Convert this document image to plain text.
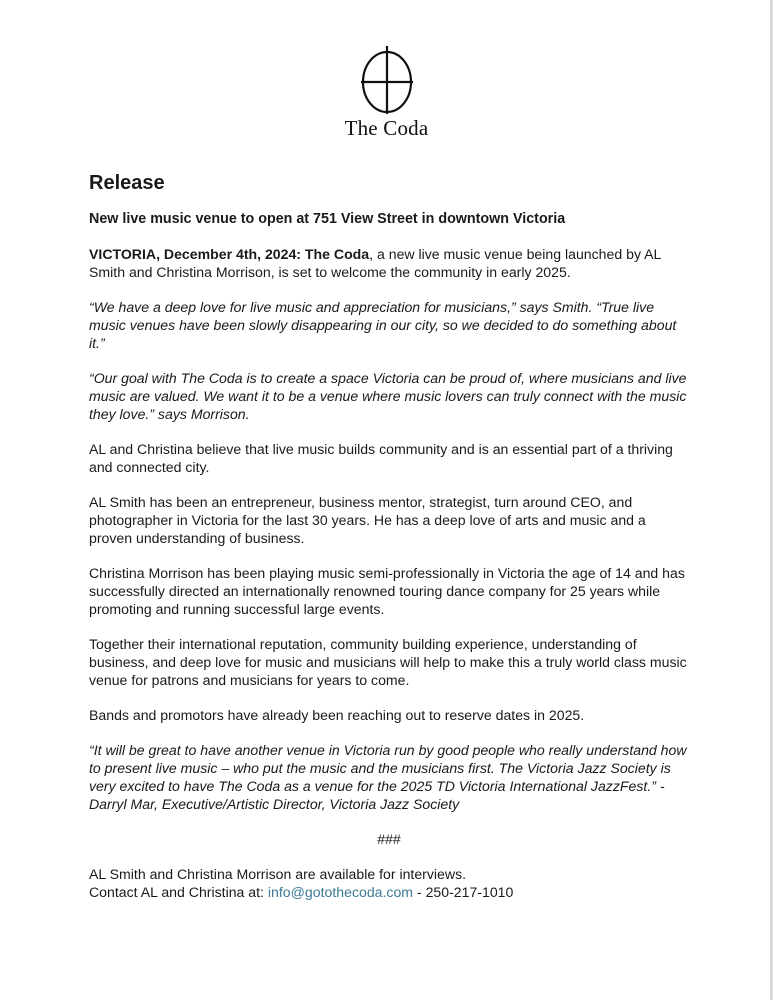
The Coda
Release
New live music venue to open at 751 View Street in downtown Victoria

VICTORIA, December 4th, 2024: The Coda, a new live music venue being launched by AL Smith and Christina Morrison, is set to welcome the community in early 2025.

“We have a deep love for live music and appreciation for musicians,” says Smith. “True live music venues have been slowly disappearing in our city, so we decided to do something about it.”

“Our goal with The Coda is to create a space Victoria can be proud of, where musicians and live music are valued. We want it to be a venue where music lovers can truly connect with the music they love.” says Morrison.

AL and Christina believe that live music builds community and is an essential part of a thriving and connected city.

AL Smith has been an entrepreneur, business mentor, strategist, turn around CEO, and photographer in Victoria for the last 30 years. He has a deep love of arts and music and a proven understanding of business.

Christina Morrison has been playing music semi-professionally in Victoria the age of 14 and has successfully directed an internationally renowned touring dance company for 25 years while promoting and running successful large events.

Together their international reputation, community building experience, understanding of business, and deep love for music and musicians will help to make this a truly world class music venue for patrons and musicians for years to come.

Bands and promotors have already been reaching out to reserve dates in 2025.

“It will be great to have another venue in Victoria run by good people who really understand how to present live music – who put the music and the musicians first. The Victoria Jazz Society is very excited to have The Coda as a venue for the 2025 TD Victoria International JazzFest.” - Darryl Mar, Executive/Artistic Director, Victoria Jazz Society

###

AL Smith and Christina Morrison are available for interviews.
Contact AL and Christina at: info@gotothecoda.com - 250-217-1010
